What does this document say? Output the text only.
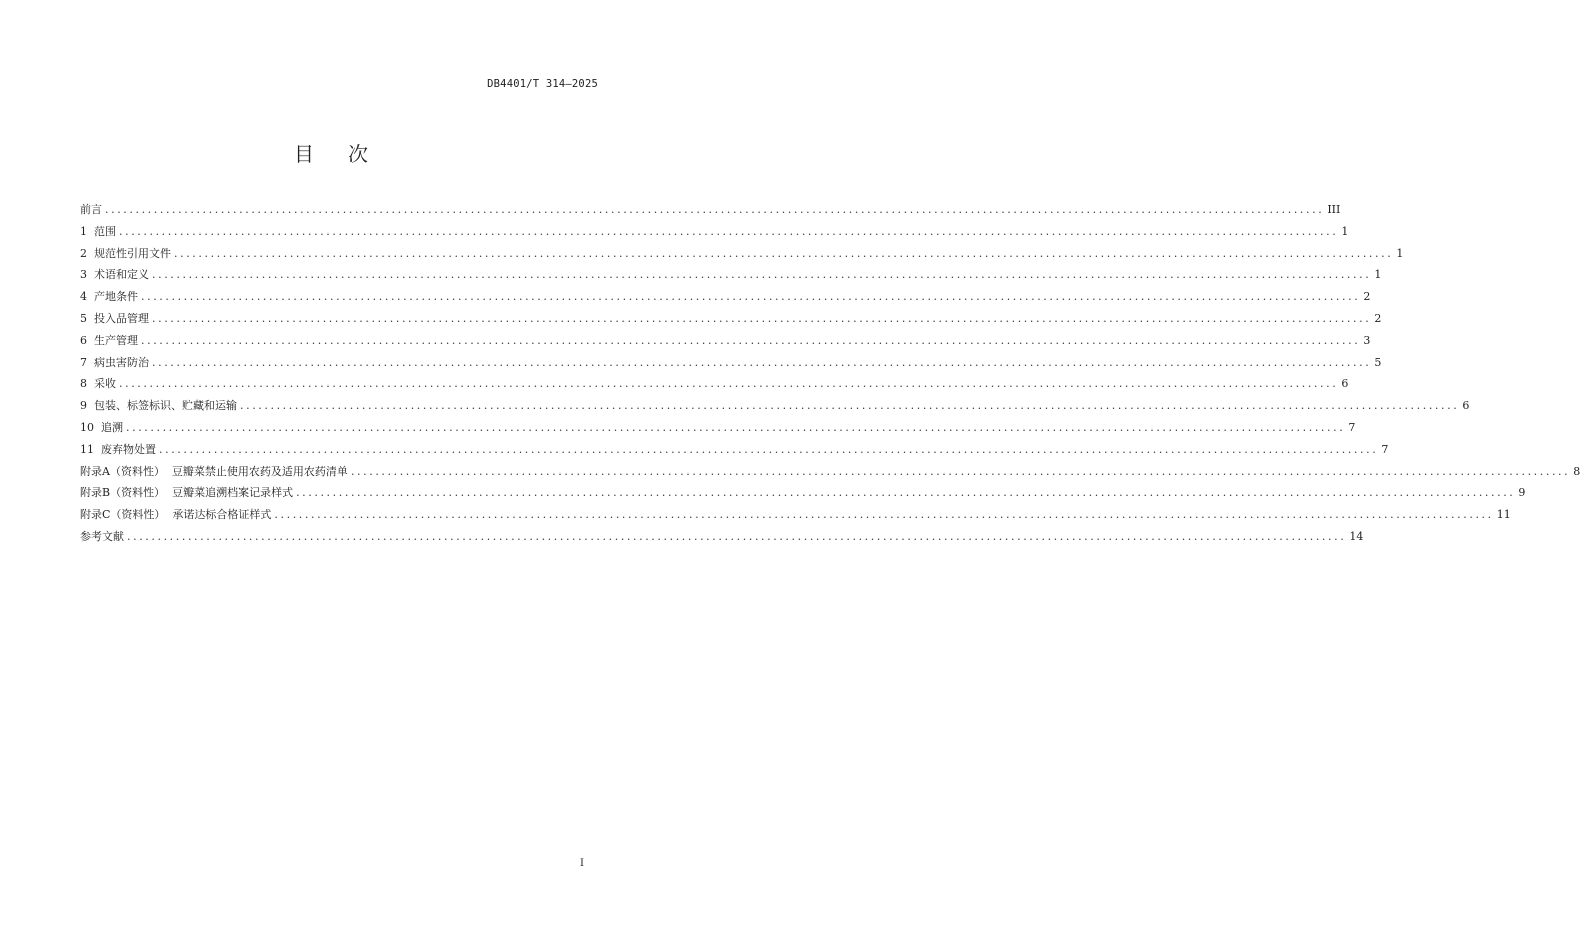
DB4401/T 314—2025
目次
前言 ........................................................................................................................................................................................................ III
1  范围 ........................................................................................................................................................................................................ 1
2  规范性引用文件 ........................................................................................................................................................................................................ 1
3  术语和定义 ........................................................................................................................................................................................................ 1
4  产地条件 ........................................................................................................................................................................................................ 2
5  投入品管理 ........................................................................................................................................................................................................ 2
6  生产管理 ........................................................................................................................................................................................................ 3
7  病虫害防治 ........................................................................................................................................................................................................ 5
8  采收 ........................................................................................................................................................................................................ 6
9  包装、标签标识、贮藏和运输 ........................................................................................................................................................................................................ 6
10  追溯 ........................................................................................................................................................................................................ 7
11  废弃物处置 ........................................................................................................................................................................................................ 7
附录A（资料性）  豆瓣菜禁止使用农药及适用农药清单 ........................................................................................................................................................................................................ 8
附录B（资料性）  豆瓣菜追溯档案记录样式 ........................................................................................................................................................................................................ 9
附录C（资料性）  承诺达标合格证样式 ........................................................................................................................................................................................................ 11
参考文献 ........................................................................................................................................................................................................ 14
I
